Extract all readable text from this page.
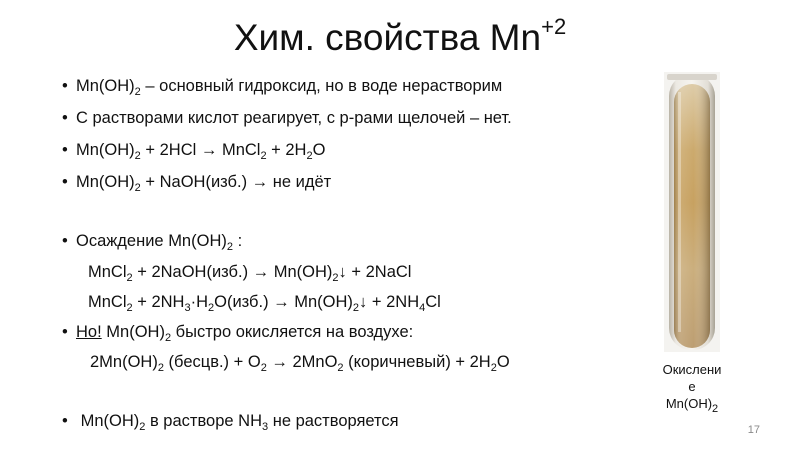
Хим. свойства $Mn^{+2}$
• $Mn(OH)_2$ – основный гидроксид, но в воде нерастворим
• С растворами кислот реагирует, с р-рами щелочей – нет.
• $Mn(OH)_2 + 2HCl$ → MnCl$_2$ + $2H_2O$
• $Mn(OH)_2$ + NaOH(изб.) → не идёт
• Осаждение $Mn(OH)_2$ :
MnCl$_2$ + 2NaOH(изб.) → $Mn(OH)_2↓$ + 2NaCl
MnCl$_2$ + $2NH_3\cdot H_2O(изб.)$ → $Mn(OH)_2↓ + 2NH_4Cl$
• Но! $Mn(OH)_2$ быстро окисляется на воздухе:
$2Mn(OH)_2$ (бесцв.) + $O_2 \to 2MnO_2$ (коричневый) + $2H_2O$
• $Mn(OH)_2$ в растворе $NH_3$ не растворяется
Окислени
е
$Mn(OH)_2$
17
